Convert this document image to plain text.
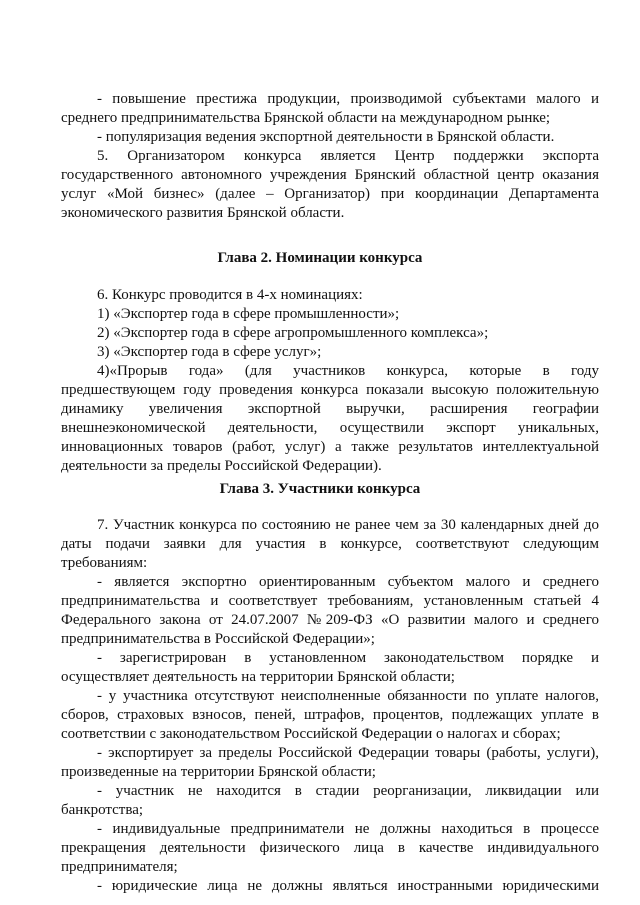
- повышение престижа продукции, производимой субъектами малого и
среднего предпринимательства Брянской области на международном рынке;
- популяризация ведения экспортной деятельности в Брянской области.
5. Организатором конкурса является Центр поддержки экспорта
государственного автономного учреждения Брянский областной центр оказания
услуг «Мой бизнес» (далее – Организатор) при координации Департамента
экономического развития Брянской области.
Глава 2. Номинации конкурса
6. Конкурс проводится в 4-х номинациях:
1) «Экспортер года в сфере промышленности»;
2) «Экспортер года в сфере агропромышленного комплекса»;
3) «Экспортер года в сфере услуг»;
4)«Прорыв года» (для участников конкурса, которые в году
предшествующем году проведения конкурса показали высокую положительную
динамику увеличения экспортной выручки, расширения географии
внешнеэкономической деятельности, осуществили экспорт уникальных,
инновационных товаров (работ, услуг) а также результатов интеллектуальной
деятельности за пределы Российской Федерации).
Глава 3. Участники конкурса
7. Участник конкурса по состоянию не ранее чем за 30 календарных дней до
даты подачи заявки для участия в конкурсе, соответствуют следующим
требованиям:
- является экспортно ориентированным субъектом малого и среднего
предпринимательства и соответствует требованиям, установленным статьей 4
Федерального закона от 24.07.2007 №209-ФЗ «О развитии малого и среднего
предпринимательства в Российской Федерации»;
- зарегистрирован в установленном законодательством порядке и
осуществляет деятельность на территории Брянской области;
- у участника отсутствуют неисполненные обязанности по уплате налогов,
сборов, страховых взносов, пеней, штрафов, процентов, подлежащих уплате в
соответствии с законодательством Российской Федерации о налогах и сборах;
- экспортирует за пределы Российской Федерации товары (работы, услуги),
произведенные на территории Брянской области;
- участник не находится в стадии реорганизации, ликвидации или
банкротства;
- индивидуальные предприниматели не должны находиться в процессе
прекращения деятельности физического лица в качестве индивидуального
предпринимателя;
- юридические лица не должны являться иностранными юридическими
